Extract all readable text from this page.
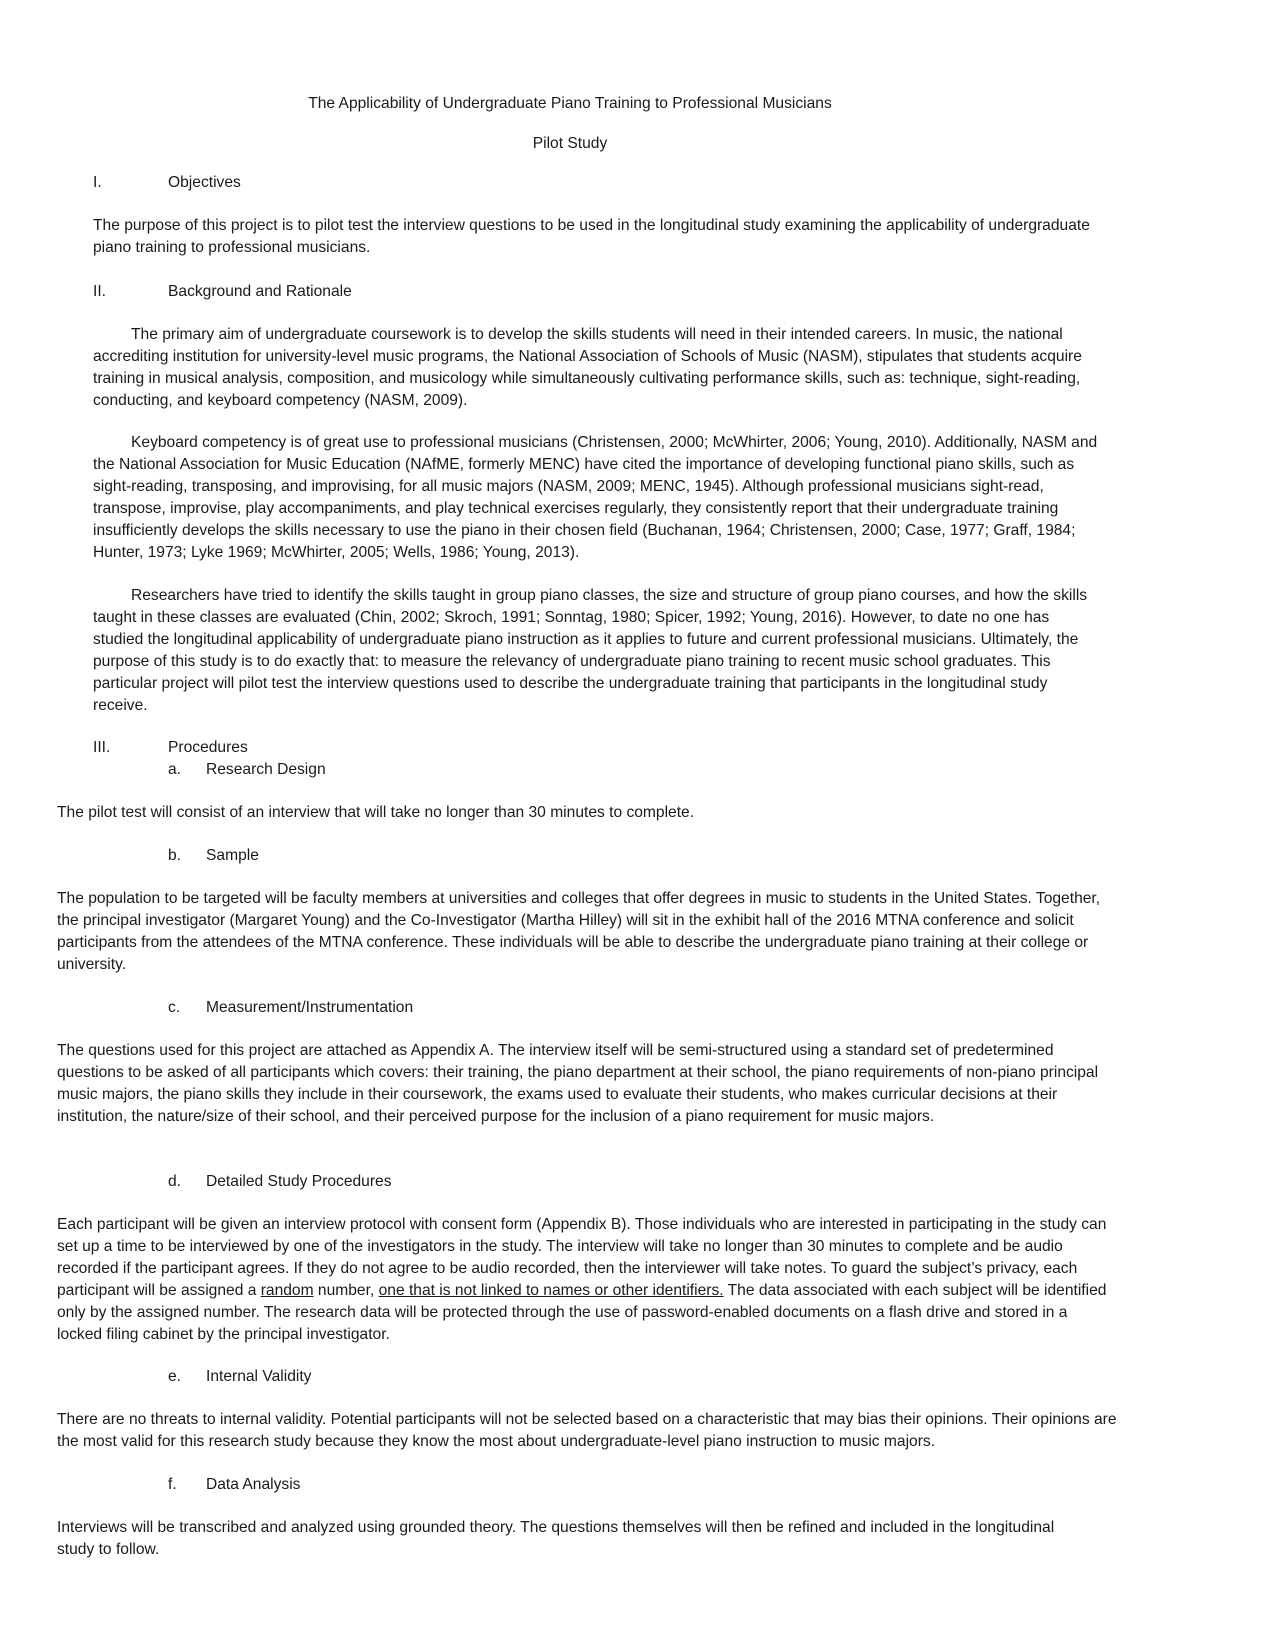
The Applicability of Undergraduate Piano Training to Professional Musicians
Pilot Study
I.	Objectives
The purpose of this project is to pilot test the interview questions to be used in the longitudinal study examining the applicability of undergraduate piano training to professional musicians.
II.	Background and Rationale
The primary aim of undergraduate coursework is to develop the skills students will need in their intended careers. In music, the national accrediting institution for university-level music programs, the National Association of Schools of Music (NASM), stipulates that students acquire training in musical analysis, composition, and musicology while simultaneously cultivating performance skills, such as: technique, sight-reading, conducting, and keyboard competency (NASM, 2009).
Keyboard competency is of great use to professional musicians (Christensen, 2000; McWhirter, 2006; Young, 2010). Additionally, NASM and the National Association for Music Education (NAfME, formerly MENC) have cited the importance of developing functional piano skills, such as sight-reading, transposing, and improvising, for all music majors (NASM, 2009; MENC, 1945). Although professional musicians sight-read, transpose, improvise, play accompaniments, and play technical exercises regularly, they consistently report that their undergraduate training insufficiently develops the skills necessary to use the piano in their chosen field (Buchanan, 1964; Christensen, 2000; Case, 1977; Graff, 1984; Hunter, 1973; Lyke 1969; McWhirter, 2005; Wells, 1986; Young, 2013).
Researchers have tried to identify the skills taught in group piano classes, the size and structure of group piano courses, and how the skills taught in these classes are evaluated (Chin, 2002; Skroch, 1991; Sonntag, 1980; Spicer, 1992; Young, 2016). However, to date no one has studied the longitudinal applicability of undergraduate piano instruction as it applies to future and current professional musicians. Ultimately, the purpose of this study is to do exactly that: to measure the relevancy of undergraduate piano training to recent music school graduates. This particular project will pilot test the interview questions used to describe the undergraduate training that participants in the longitudinal study receive.
III.	Procedures
a. Research Design
The pilot test will consist of an interview that will take no longer than 30 minutes to complete.
b. Sample
The population to be targeted will be faculty members at universities and colleges that offer degrees in music to students in the United States. Together, the principal investigator (Margaret Young) and the Co-Investigator (Martha Hilley) will sit in the exhibit hall of the 2016 MTNA conference and solicit participants from the attendees of the MTNA conference. These individuals will be able to describe the undergraduate piano training at their college or university.
c. Measurement/Instrumentation
The questions used for this project are attached as Appendix A. The interview itself will be semi-structured using a standard set of predetermined questions to be asked of all participants which covers: their training, the piano department at their school, the piano requirements of non-piano principal music majors, the piano skills they include in their coursework, the exams used to evaluate their students, who makes curricular decisions at their institution, the nature/size of their school, and their perceived purpose for the inclusion of a piano requirement for music majors.
d. Detailed Study Procedures
Each participant will be given an interview protocol with consent form (Appendix B). Those individuals who are interested in participating in the study can set up a time to be interviewed by one of the investigators in the study. The interview will take no longer than 30 minutes to complete and be audio recorded if the participant agrees. If they do not agree to be audio recorded, then the interviewer will take notes. To guard the subject’s privacy, each participant will be assigned a random number, one that is not linked to names or other identifiers. The data associated with each subject will be identified only by the assigned number. The research data will be protected through the use of password-enabled documents on a flash drive and stored in a locked filing cabinet by the principal investigator.
e. Internal Validity
There are no threats to internal validity. Potential participants will not be selected based on a characteristic that may bias their opinions. Their opinions are the most valid for this research study because they know the most about undergraduate-level piano instruction to music majors.
f. Data Analysis
Interviews will be transcribed and analyzed using grounded theory. The questions themselves will then be refined and included in the longitudinal study to follow.
